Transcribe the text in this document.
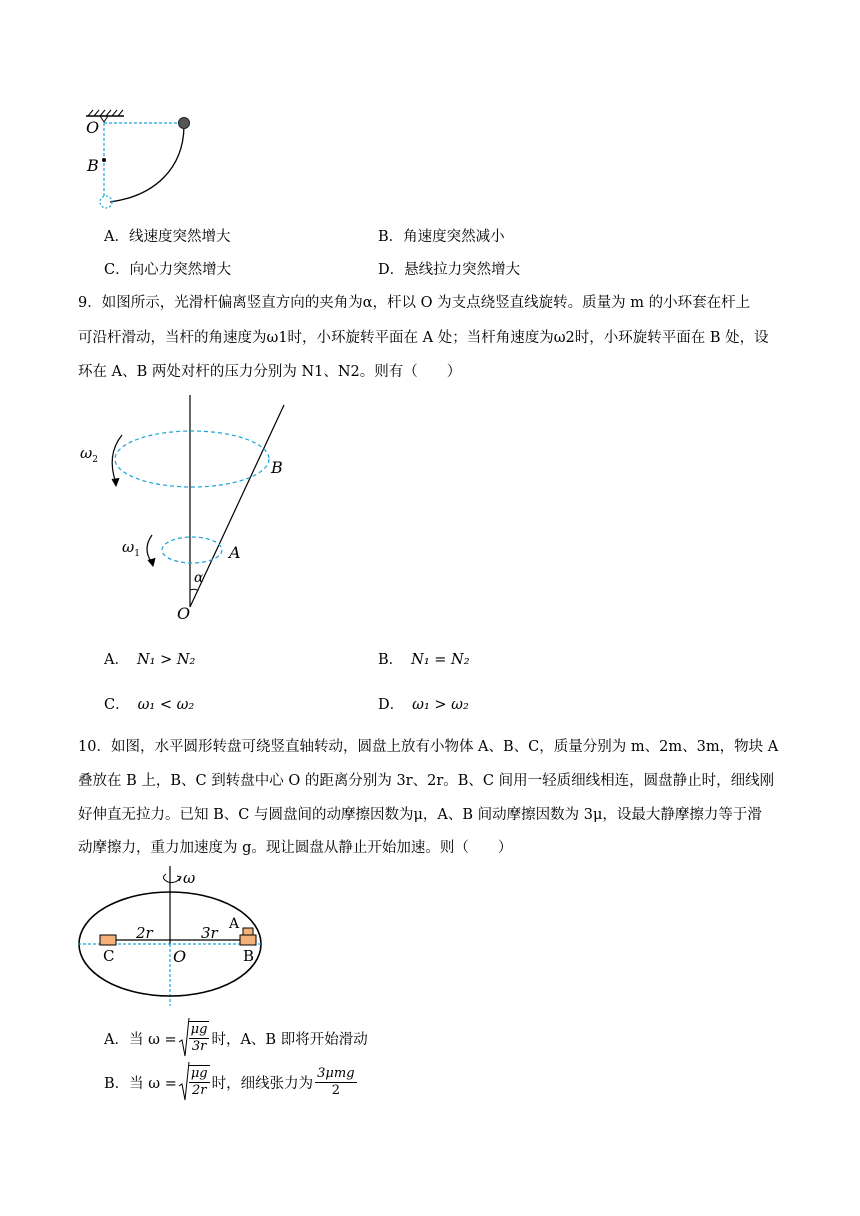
O
B
A．线速度突然增大	B．角速度突然减小
C．向心力突然增大	D．悬线拉力突然增大
9．如图所示，光滑杆偏离竖直方向的夹角为α，杆以 O 为支点绕竖直线旋转。质量为 m 的小环套在杆上
可沿杆滑动，当杆的角速度为ω1时，小环旋转平面在 A 处；当杆角速度为ω2时，小环旋转平面在 B 处，设
环在 A、B 两处对杆的压力分别为 N1、N2。则有（　　）
$\omega_2$
$\omega_1$
B
A
α
O
A． N₁ > N₂	B． N₁ = N₂
C． ω₁ < ω₂	D． ω₁ > ω₂
10．如图，水平圆形转盘可绕竖直轴转动，圆盘上放有小物体 A、B、C，质量分别为 m、2m、3m，物块 A
叠放在 B 上，B、C 到转盘中心 O 的距离分别为 3r、2r。B、C 间用一轻质细线相连，圆盘静止时，细线刚
好伸直无拉力。已知 B、C 与圆盘间的动摩擦因数为μ，A、B 间动摩擦因数为 3μ，设最大静摩擦力等于滑
动摩擦力，重力加速度为 g。现让圆盘从静止开始加速。则（　　）
ω
2r	3r A
C	O	B
A．当 $\omega = \frac{\mu g}{3r}$ 时，A、B 即将开始滑动
B．当 $\omega = \frac{\mu g}{2r}$ 时，细线张力为 $\frac{\text{3μmg}}{2}$
